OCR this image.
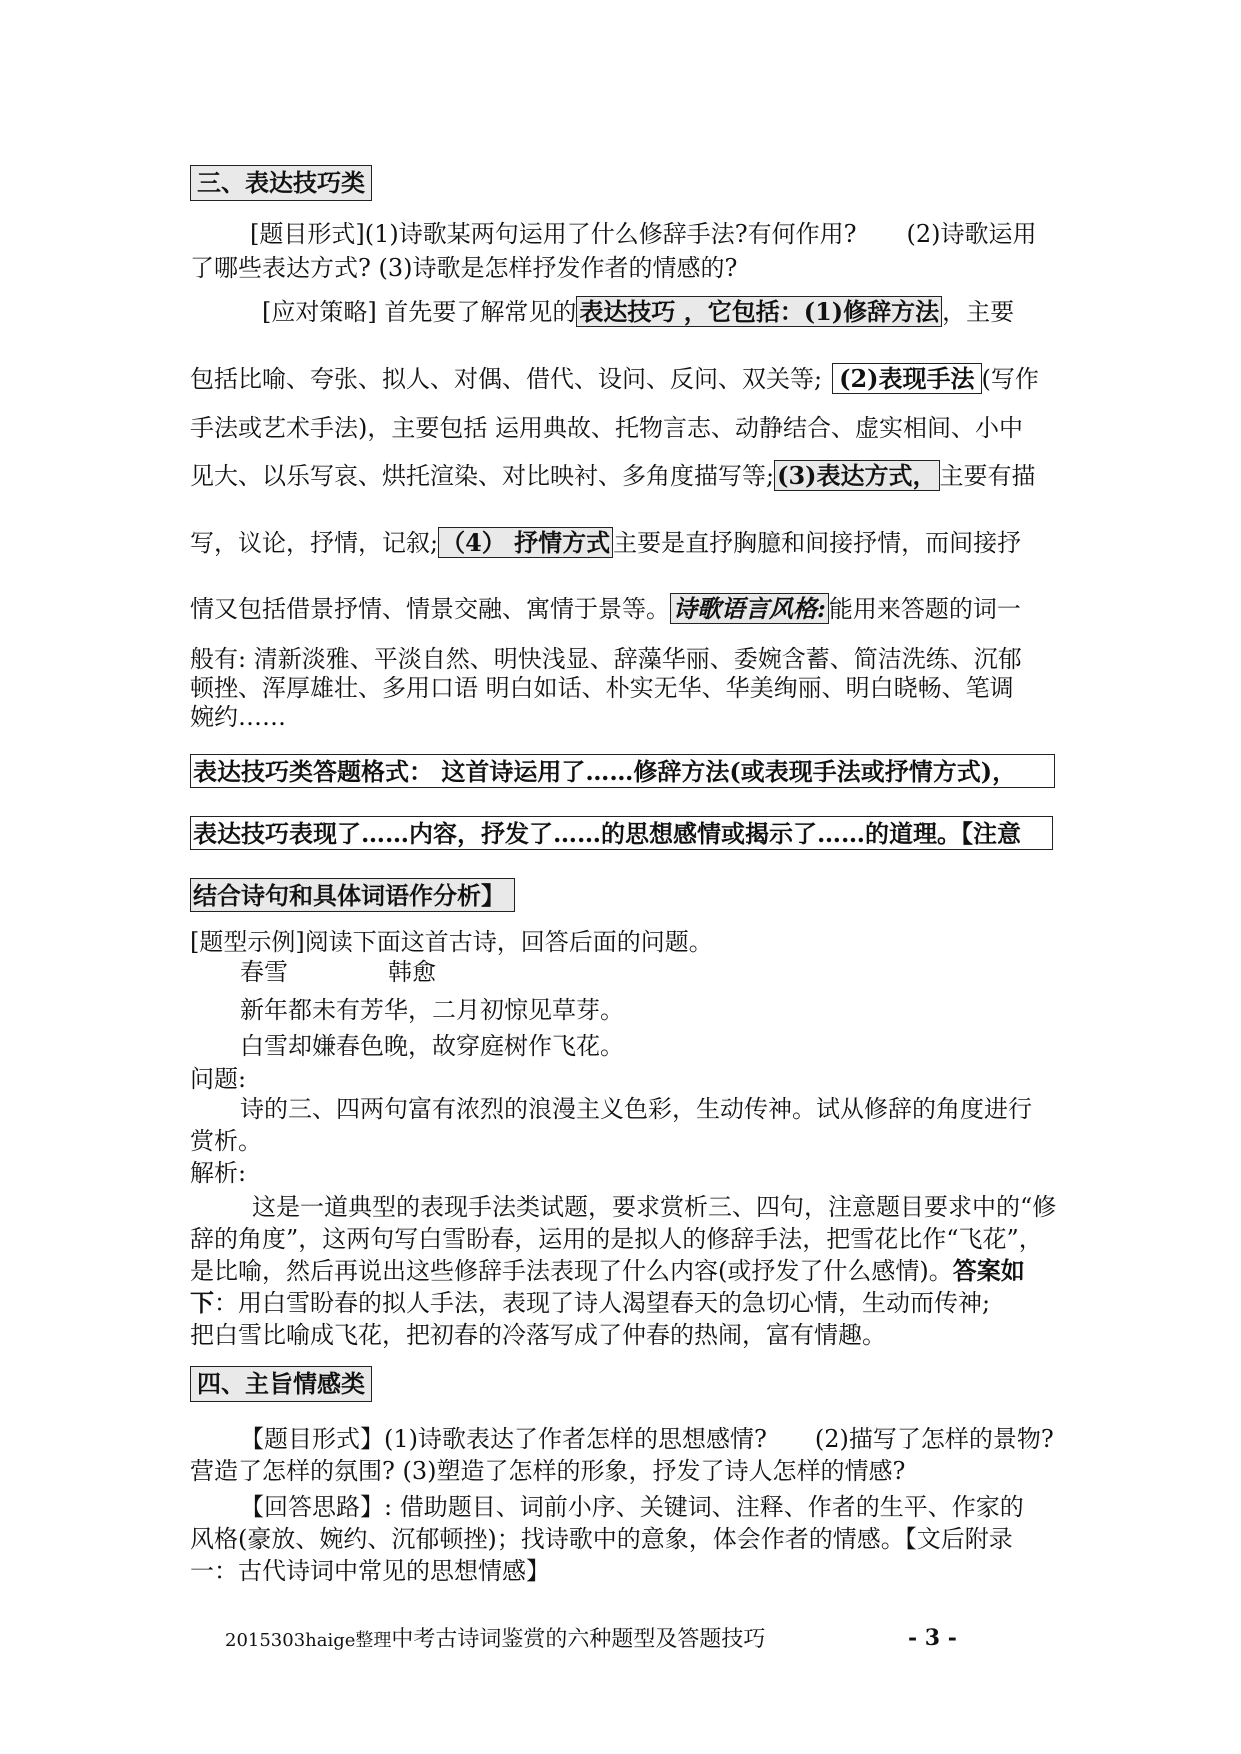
三、表达技巧类
[题目形式](1)诗歌某两句运用了什么修辞手法?有何作用? (2)诗歌运用
了哪些表达方式? (3)诗歌是怎样抒发作者的情感的?
[应对策略] 首先要了解常见的 表达技巧 ，它包括：(1)修辞方法 ，主要
包括比喻、夸张、拟人、对偶、借代、设问、反问、双关等; (2)表现手法 (写作
手法或艺术手法)，主要包括 运用典故、托物言志、动静结合、虚实相间、小中
见大、以乐写哀、烘托渲染、对比映衬、多角度描写等; (3)表达方式， 主要有描
写，议论，抒情，记叙; （4） 抒情方式 主要是直抒胸臆和间接抒情，而间接抒
情又包括借景抒情、情景交融、寓情于景等。 诗歌语言风格: 能用来答题的词一
般有: 清新淡雅、平淡自然、明快浅显、辞藻华丽、委婉含蓄、简洁洗练、沉郁
顿挫、浑厚雄壮、多用口语 明白如话、朴实无华、华美绚丽、明白晓畅、笔调
婉约……
表达技巧类答题格式： 这首诗运用了……修辞方法(或表现手法或抒情方式)，
表达技巧表现了……内容，抒发了……的思想感情或揭示了……的道理。【注意
结合诗句和具体词语作分析】
[题型示例]阅读下面这首古诗，回答后面的问题。
春雪	韩愈
新年都未有芳华，二月初惊见草芽。
白雪却嫌春色晚，故穿庭树作飞花。
问题:
诗的三、四两句富有浓烈的浪漫主义色彩，生动传神。试从修辞的角度进行
赏析。
解析:
这是一道典型的表现手法类试题，要求赏析三、四句，注意题目要求中的“修
辞的角度”，这两句写白雪盼春，运用的是拟人的修辞手法，把雪花比作“飞花”，
是比喻，然后再说出这些修辞手法表现了什么内容(或抒发了什么感情)。答案如
下：用白雪盼春的拟人手法，表现了诗人渴望春天的急切心情，生动而传神;
把白雪比喻成飞花，把初春的冷落写成了仲春的热闹，富有情趣。
四、主旨情感类
【题目形式】(1)诗歌表达了作者怎样的思想感情? (2)描写了怎样的景物?
营造了怎样的氛围? (3)塑造了怎样的形象，抒发了诗人怎样的情感?
【回答思路】: 借助题目、词前小序、关键词、注释、作者的生平、作家的
风格(豪放、婉约、沉郁顿挫)；找诗歌中的意象，体会作者的情感。【文后附录
一：古代诗词中常见的思想情感】
2015303haige整理中考古诗词鉴赏的六种题型及答题技巧	- 3 -
